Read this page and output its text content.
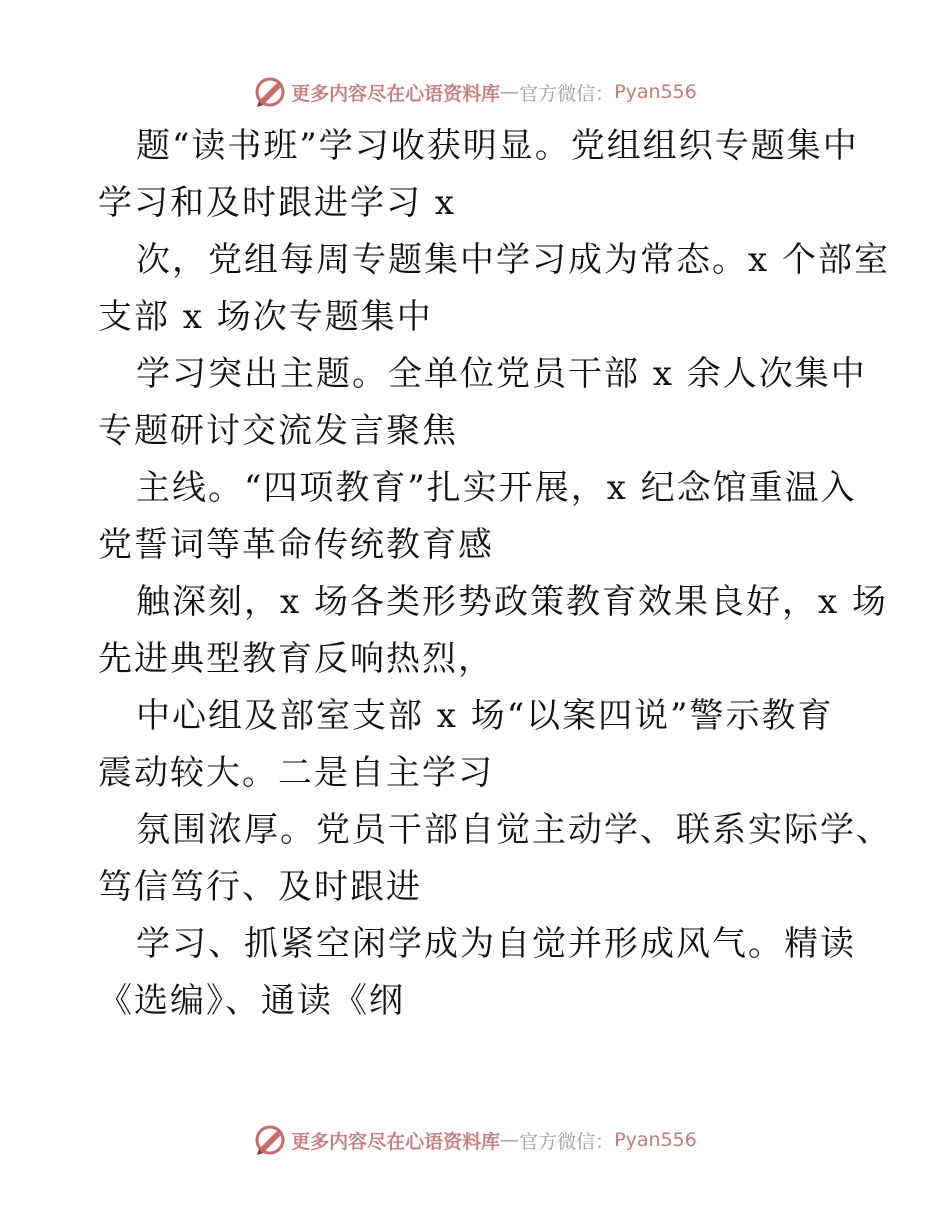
更多内容尽在心语资料库 — 官方微信： Pyan556
题“读书班”学习收获明显。党组组织专题集中
学习和及时跟进学习 x
次，党组每周专题集中学习成为常态。x 个部室
支部 x 场次专题集中
学习突出主题。全单位党员干部 x 余人次集中
专题研讨交流发言聚焦
主线。“四项教育”扎实开展，x 纪念馆重温入
党誓词等革命传统教育感
触深刻，x 场各类形势政策教育效果良好，x 场
先进典型教育反响热烈，
中心组及部室支部 x 场“以案四说”警示教育
震动较大。二是自主学习
氛围浓厚。党员干部自觉主动学、联系实际学、
笃信笃行、及时跟进
学习、抓紧空闲学成为自觉并形成风气。精读
《选编》、通读《纲
更多内容尽在心语资料库 — 官方微信： Pyan556
